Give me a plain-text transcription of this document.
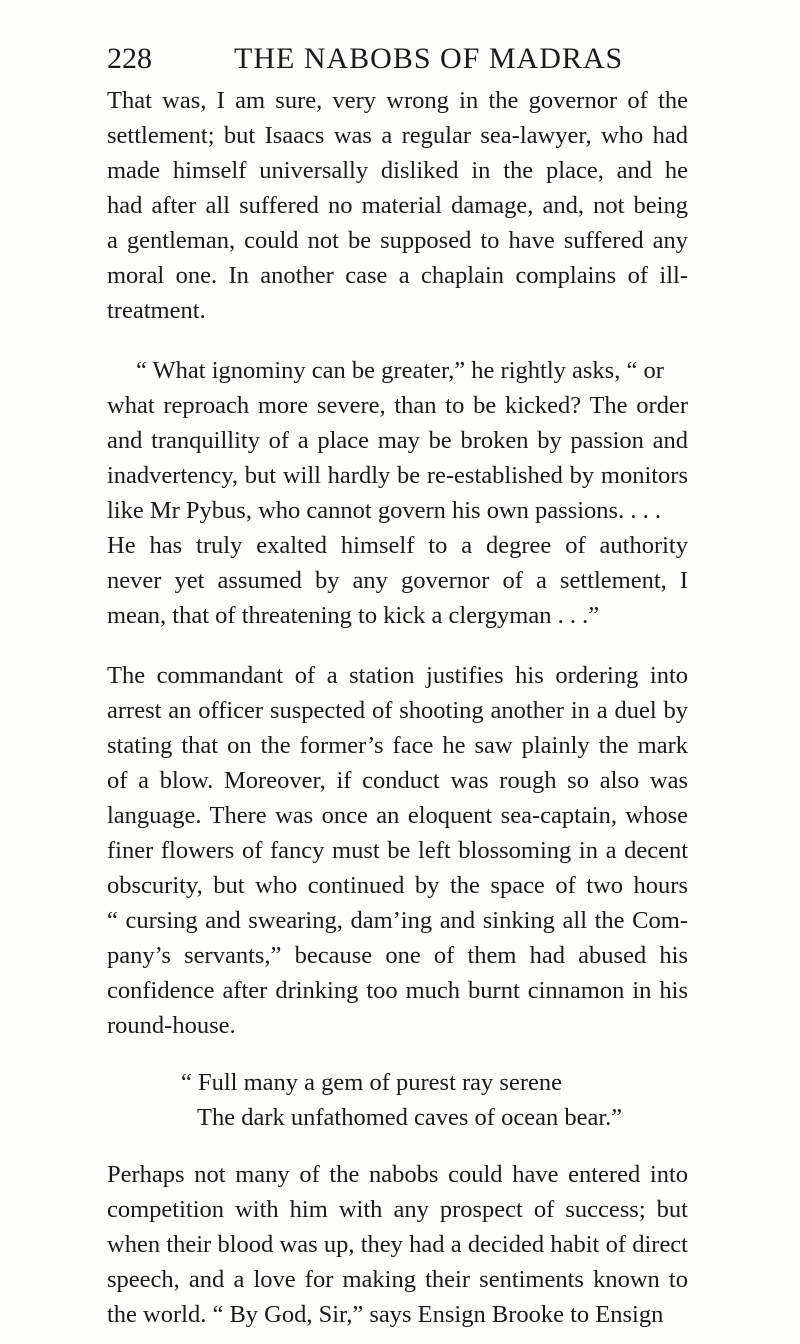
228	THE NABOBS OF MADRAS
That was, I am sure, very wrong in the governor of the
settlement; but Isaacs was a regular sea-lawyer, who had
made himself universally disliked in the place, and he
had after all suffered no material damage, and, not being
a gentleman, could not be supposed to have suffered any
moral one. In another case a chaplain complains of ill-
treatment.
“ What ignominy can be greater,” he rightly asks, “ or
what reproach more severe, than to be kicked? The order
and tranquillity of a place may be broken by passion and
inadvertency, but will hardly be re-established by monitors
like Mr Pybus, who cannot govern his own passions. . . .
He has truly exalted himself to a degree of authority
never yet assumed by any governor of a settlement, I
mean, that of threatening to kick a clergyman . . .”
The commandant of a station justifies his ordering into
arrest an officer suspected of shooting another in a duel by
stating that on the former’s face he saw plainly the mark
of a blow. Moreover, if conduct was rough so also was
language. There was once an eloquent sea-captain, whose
finer flowers of fancy must be left blossoming in a decent
obscurity, but who continued by the space of two hours
“ cursing and swearing, dam’ing and sinking all the Com-
pany’s servants,” because one of them had abused his
confidence after drinking too much burnt cinnamon in his
round-house.
“ Full many a gem of purest ray serene
The dark unfathomed caves of ocean bear.”
Perhaps not many of the nabobs could have entered into
competition with him with any prospect of success; but
when their blood was up, they had a decided habit of direct
speech, and a love for making their sentiments known to
the world. “ By God, Sir,” says Ensign Brooke to Ensign
